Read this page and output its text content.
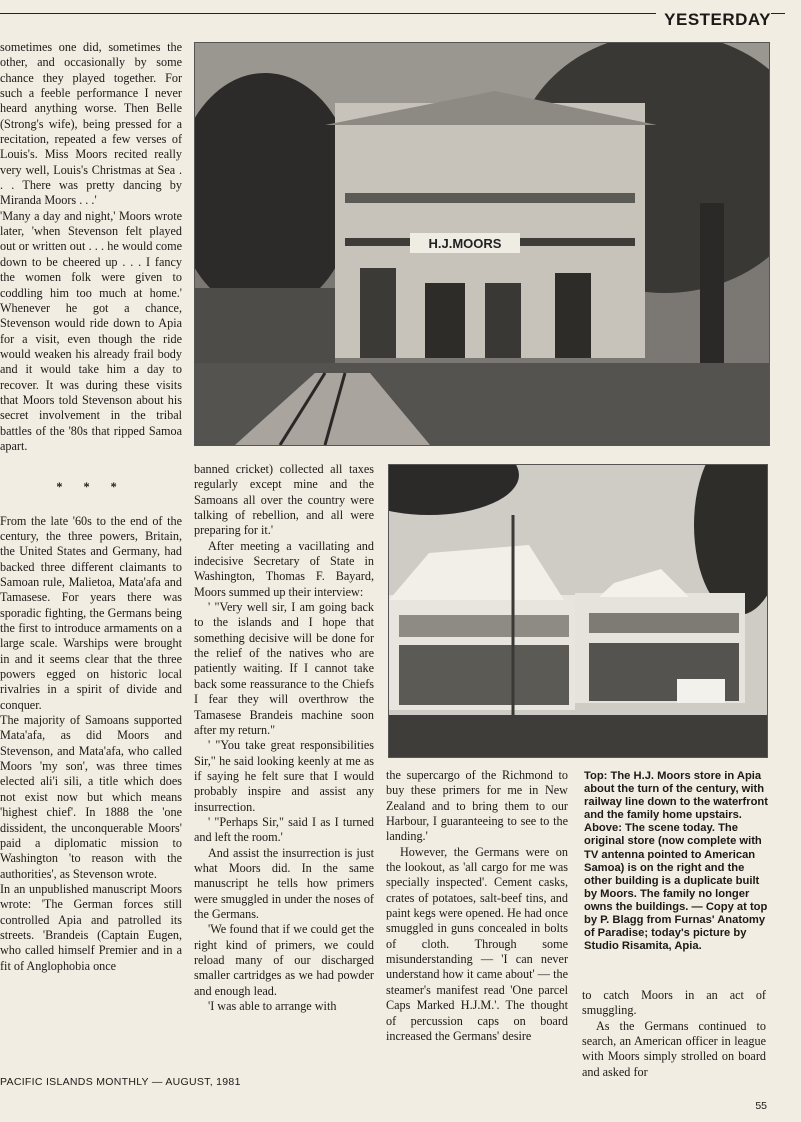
YESTERDAY

sometimes one did, sometimes the other, and occasionally by some chance they played together. For such a feeble performance I never heard anything worse. Then Belle (Strong's wife), being pressed for a recitation, repeated a few verses of Louis's. Miss Moors recited really very well, Louis's Christmas at Sea . . . There was pretty dancing by Miranda Moors . . .'

'Many a day and night,' Moors wrote later, 'when Stevenson felt played out or written out . . . he would come down to be cheered up . . . I fancy the women folk were given to coddling him too much at home.' Whenever he got a chance, Stevenson would ride down to Apia for a visit, even though the ride would weaken his already frail body and it would take him a day to recover. It was during these visits that Moors told Stevenson about his secret involvement in the tribal battles of the '80s that ripped Samoa apart.

* * *

From the late '60s to the end of the century, the three powers, Britain, the United States and Germany, had backed three different claimants to Samoan rule, Malietoa, Mata'afa and Tamasese. For years there was sporadic fighting, the Germans being the first to introduce armaments on a large scale. Warships were brought in and it seems clear that the three powers egged on historic local rivalries in a spirit of divide and conquer.

The majority of Samoans supported Mata'afa, as did Moors and Stevenson, and Mata'afa, who called Moors 'my son', was three times elected ali'i sili, a title which does not exist now but which means 'highest chief'. In 1888 the 'one dissident, the unconquerable Moors' paid a diplomatic mission to Washington 'to reason with the authorities', as Stevenson wrote.

In an unpublished manuscript Moors wrote: 'The German forces still controlled Apia and patrolled its streets. 'Brandeis (Captain Eugen, who called himself Premier and in a fit of Anglophobia once

H.J.MOORS

banned cricket) collected all taxes regularly except mine and the Samoans all over the country were talking of rebellion, and all were preparing for it.'

After meeting a vacillating and indecisive Secretary of State in Washington, Thomas F. Bayard, Moors summed up their interview:

' "Very well sir, I am going back to the islands and I hope that something decisive will be done for the relief of the natives who are patiently waiting. If I cannot take back some reassurance to the Chiefs I fear they will overthrow the Tamasese Brandeis machine soon after my return."

' "You take great responsibilities Sir," he said looking keenly at me as if saying he felt sure that I would probably inspire and assist any insurrection.

' "Perhaps Sir," said I as I turned and left the room.'

And assist the insurrection is just what Moors did. In the same manuscript he tells how primers were smuggled in under the noses of the Germans.

'We found that if we could get the right kind of primers, we could reload many of our discharged smaller cartridges as we had powder and enough lead.

'I was able to arrange with

the supercargo of the Richmond to buy these primers for me in New Zealand and to bring them to our Harbour, I guaranteeing to see to the landing.'

However, the Germans were on the lookout, as 'all cargo for me was specially inspected'. Cement casks, crates of potatoes, salt-beef tins, and paint kegs were opened. He had once smuggled in guns concealed in bolts of cloth. Through some misunderstanding — 'I can never understand how it came about' — the steamer's manifest read 'One parcel Caps Marked H.J.M.'. The thought of percussion caps on board increased the Germans' desire

Top: The H.J. Moors store in Apia about the turn of the century, with railway line down to the waterfront and the family home upstairs. Above: The scene today. The original store (now complete with TV antenna pointed to American Samoa) is on the right and the other building is a duplicate built by Moors. The family no longer owns the buildings. — Copy at top by P. Blagg from Furnas' Anatomy of Paradise; today's picture by Studio Risamita, Apia.

to catch Moors in an act of smuggling.

As the Germans continued to search, an American officer in league with Moors simply strolled on board and asked for

PACIFIC ISLANDS MONTHLY — AUGUST, 1981

55
